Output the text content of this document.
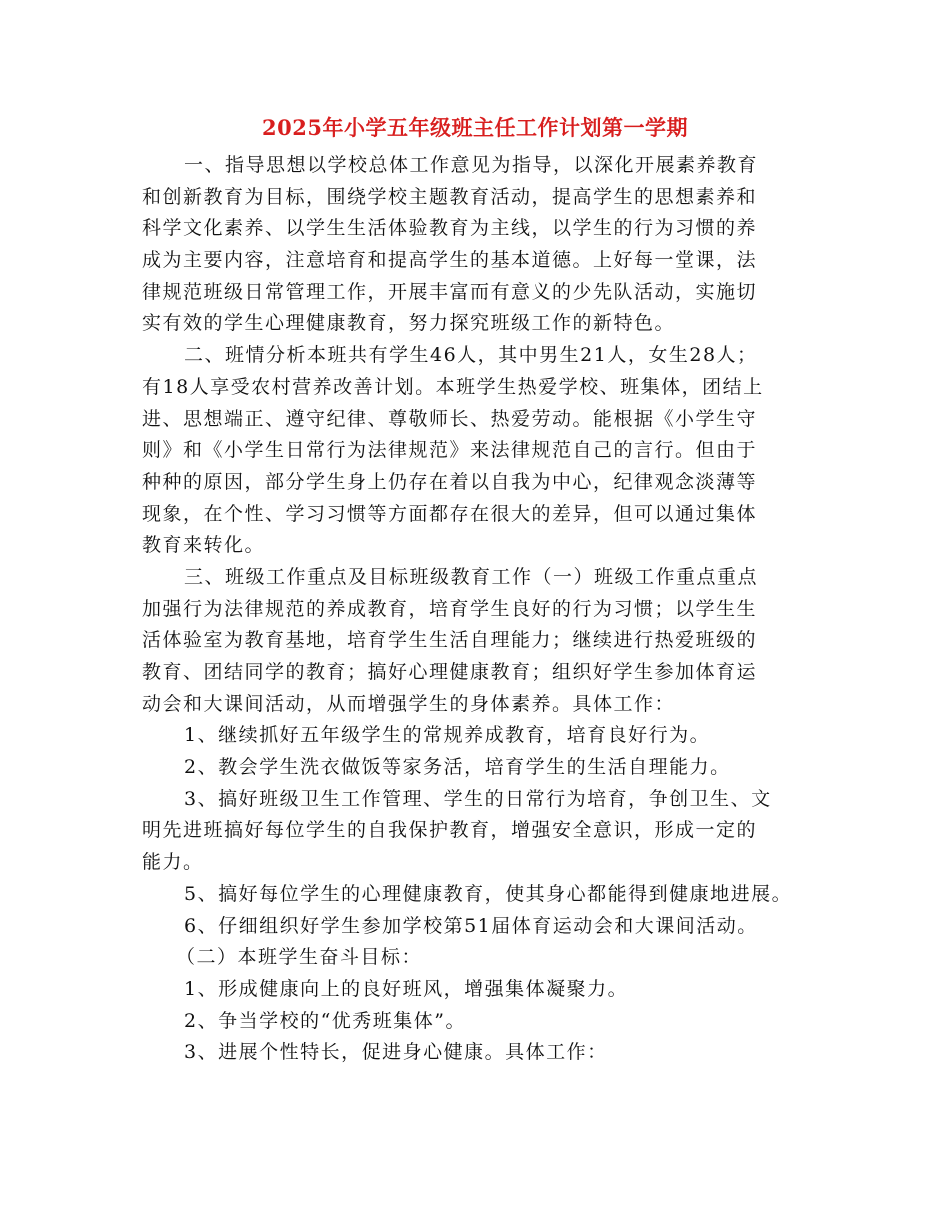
2025年小学五年级班主任工作计划第一学期

一、指导思想以学校总体工作意见为指导，以深化开展素养教育

和创新教育为目标，围绕学校主题教育活动，提高学生的思想素养和

科学文化素养、以学生生活体验教育为主线，以学生的行为习惯的养

成为主要内容，注意培育和提高学生的基本道德。上好每一堂课，法

律规范班级日常管理工作，开展丰富而有意义的少先队活动，实施切

实有效的学生心理健康教育，努力探究班级工作的新特色。

二、班情分析本班共有学生46人，其中男生21人，女生28人；

有18人享受农村营养改善计划。本班学生热爱学校、班集体，团结上

进、思想端正、遵守纪律、尊敬师长、热爱劳动。能根据《小学生守

则》和《小学生日常行为法律规范》来法律规范自己的言行。但由于

种种的原因，部分学生身上仍存在着以自我为中心，纪律观念淡薄等

现象，在个性、学习习惯等方面都存在很大的差异，但可以通过集体

教育来转化。

三、班级工作重点及目标班级教育工作（一）班级工作重点重点

加强行为法律规范的养成教育，培育学生良好的行为习惯；以学生生

活体验室为教育基地，培育学生生活自理能力；继续进行热爱班级的

教育、团结同学的教育；搞好心理健康教育；组织好学生参加体育运

动会和大课间活动，从而增强学生的身体素养。具体工作：

1、继续抓好五年级学生的常规养成教育，培育良好行为。

2、教会学生洗衣做饭等家务活，培育学生的生活自理能力。

3、搞好班级卫生工作管理、学生的日常行为培育，争创卫生、文

明先进班搞好每位学生的自我保护教育，增强安全意识，形成一定的

能力。

5、搞好每位学生的心理健康教育，使其身心都能得到健康地进展。

6、仔细组织好学生参加学校第51届体育运动会和大课间活动。

（二）本班学生奋斗目标：

1、形成健康向上的良好班风，增强集体凝聚力。

2、争当学校的“优秀班集体”。

3、进展个性特长，促进身心健康。具体工作：
